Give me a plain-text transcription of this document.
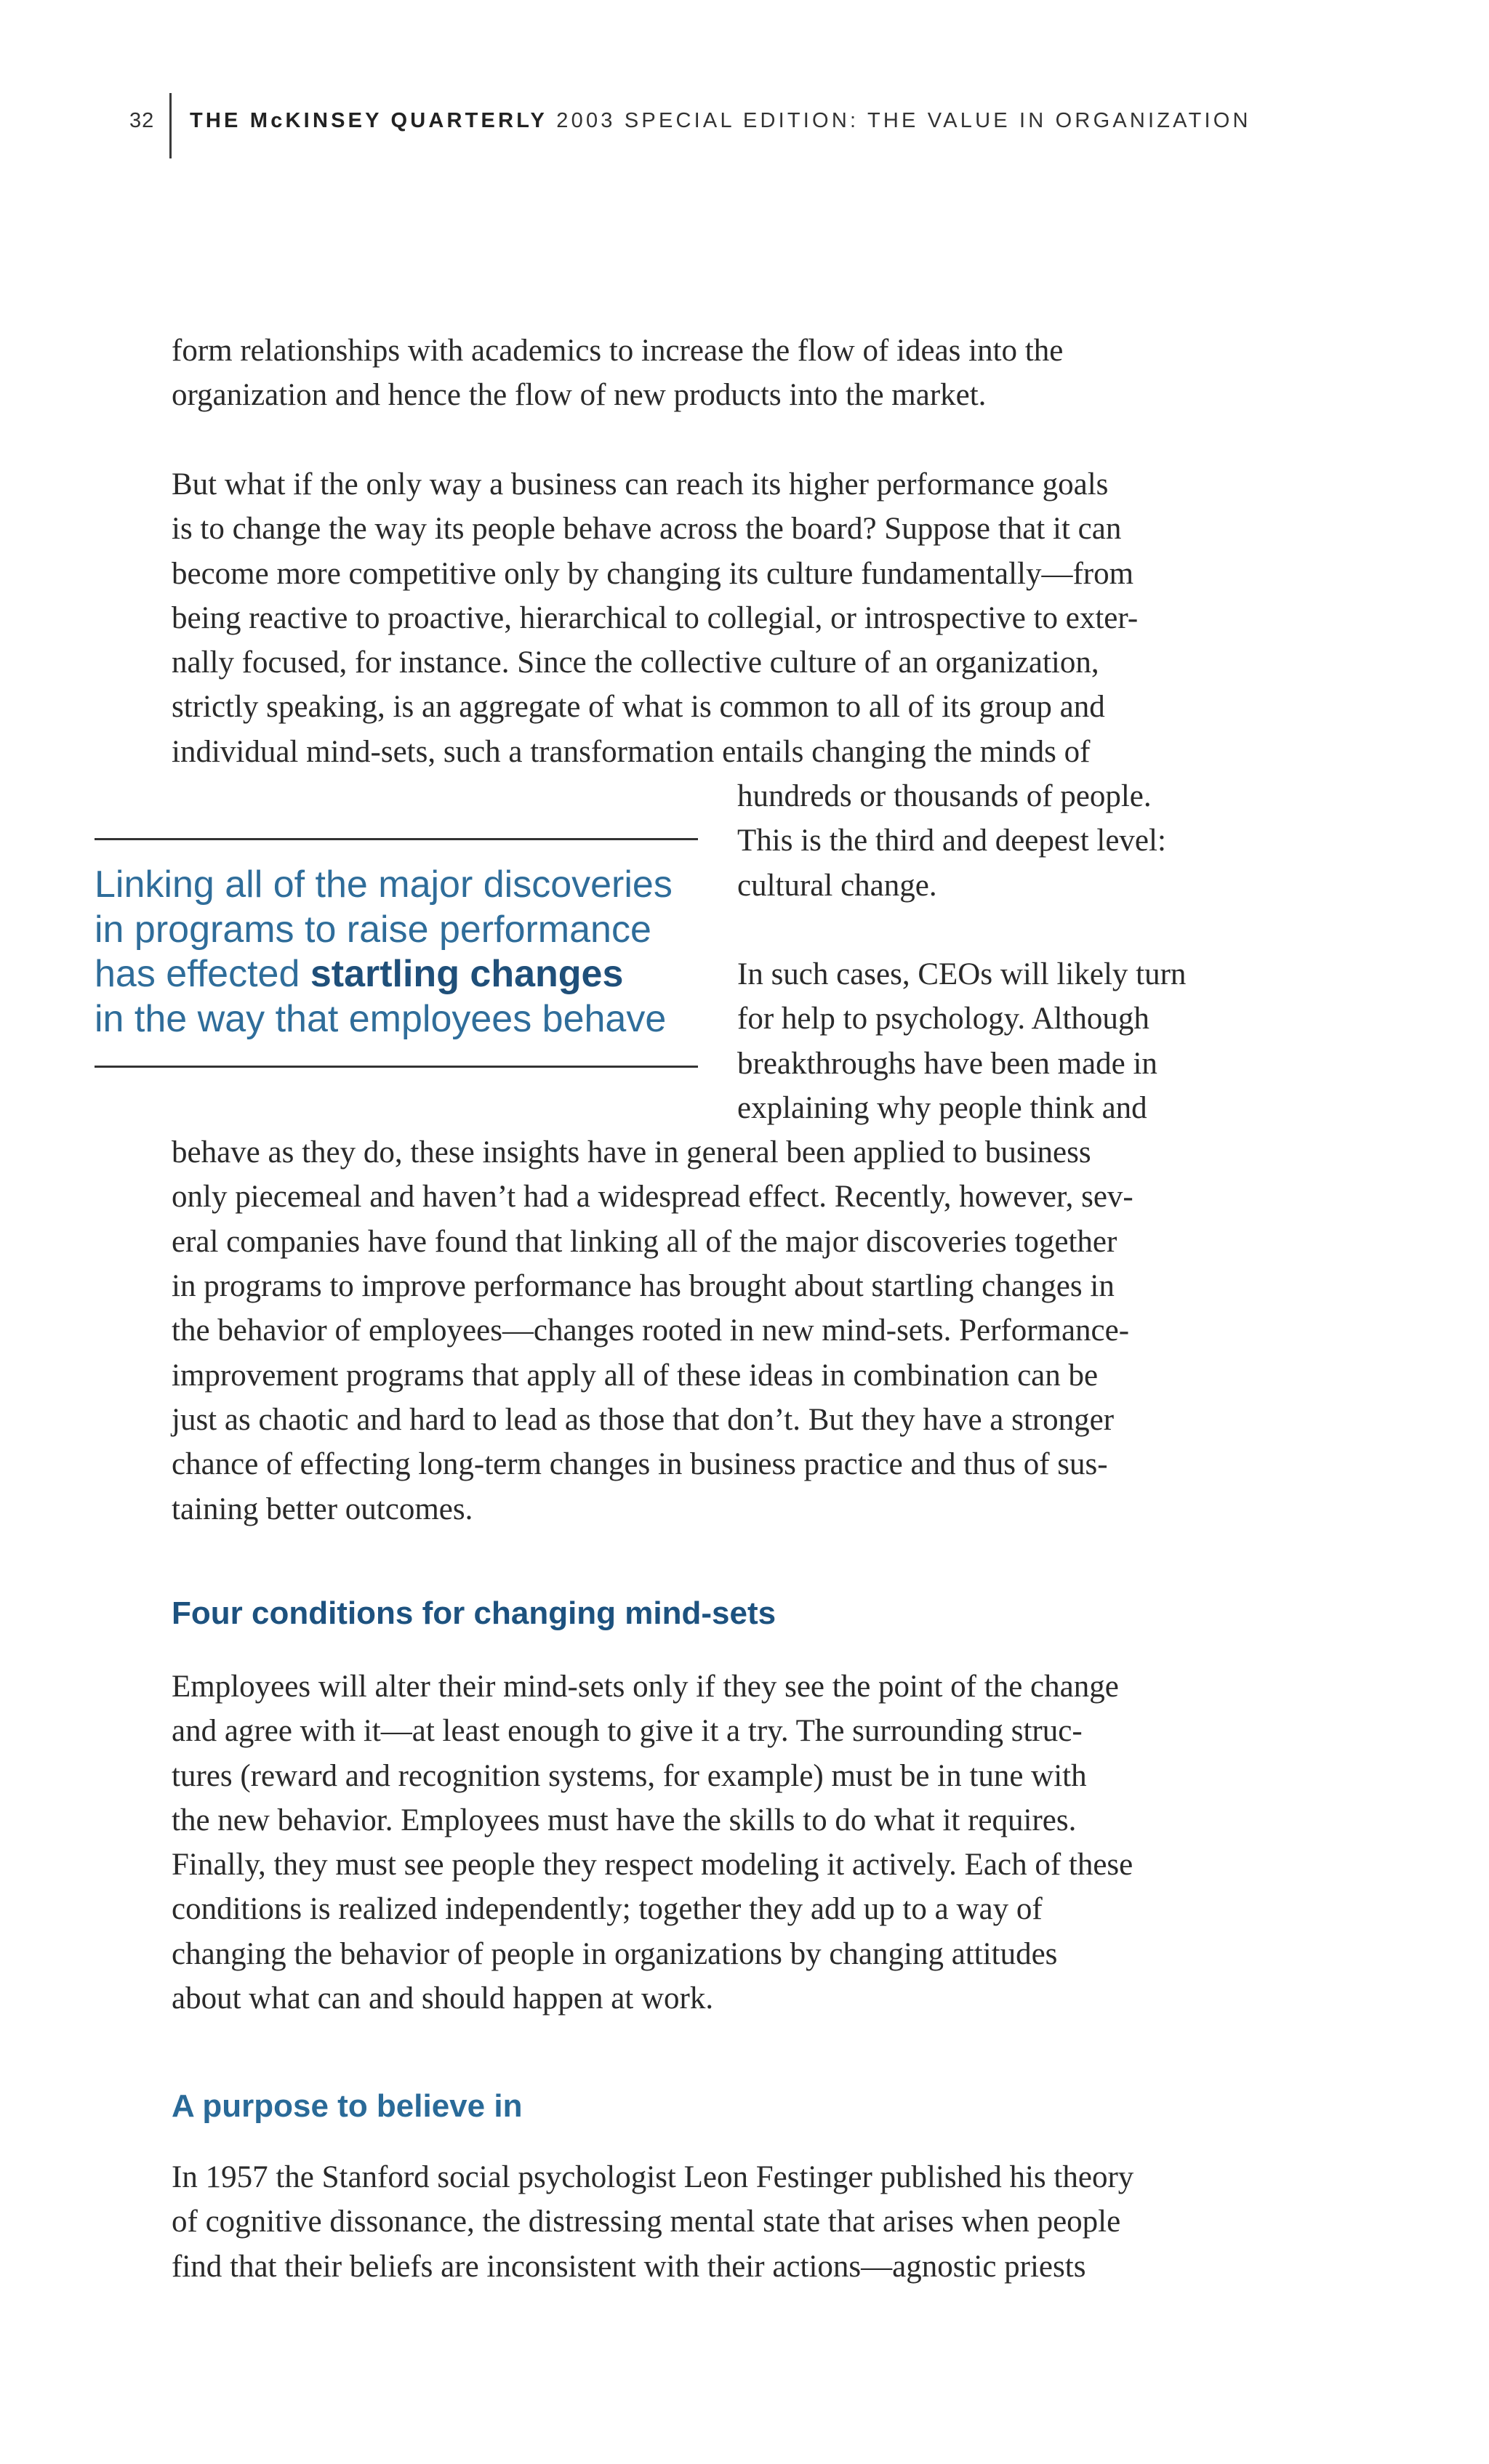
32 THE McKINSEY QUARTERLY 2003 SPECIAL EDITION: THE VALUE IN ORGANIZATION

form relationships with academics to increase the flow of ideas into the
organization and hence the flow of new products into the market.

But what if the only way a business can reach its higher performance goals
is to change the way its people behave across the board? Suppose that it can
become more competitive only by changing its culture fundamentally—from
being reactive to proactive, hierarchical to collegial, or introspective to exter-
nally focused, for instance. Since the collective culture of an organization,
strictly speaking, is an aggregate of what is common to all of its group and
individual mind-sets, such a transformation entails changing the minds of
hundreds or thousands of people.
This is the third and deepest level:
cultural change.

Linking all of the major discoveries
in programs to raise performance
has effected startling changes
in the way that employees behave

In such cases, CEOs will likely turn
for help to psychology. Although
breakthroughs have been made in
explaining why people think and
behave as they do, these insights have in general been applied to business
only piecemeal and haven’t had a widespread effect. Recently, however, sev-
eral companies have found that linking all of the major discoveries together
in programs to improve performance has brought about startling changes in
the behavior of employees—changes rooted in new mind-sets. Performance-
improvement programs that apply all of these ideas in combination can be
just as chaotic and hard to lead as those that don’t. But they have a stronger
chance of effecting long-term changes in business practice and thus of sus-
taining better outcomes.

Four conditions for changing mind-sets

Employees will alter their mind-sets only if they see the point of the change
and agree with it—at least enough to give it a try. The surrounding struc-
tures (reward and recognition systems, for example) must be in tune with
the new behavior. Employees must have the skills to do what it requires.
Finally, they must see people they respect modeling it actively. Each of these
conditions is realized independently; together they add up to a way of
changing the behavior of people in organizations by changing attitudes
about what can and should happen at work.

A purpose to believe in

In 1957 the Stanford social psychologist Leon Festinger published his theory
of cognitive dissonance, the distressing mental state that arises when people
find that their beliefs are inconsistent with their actions—agnostic priests
